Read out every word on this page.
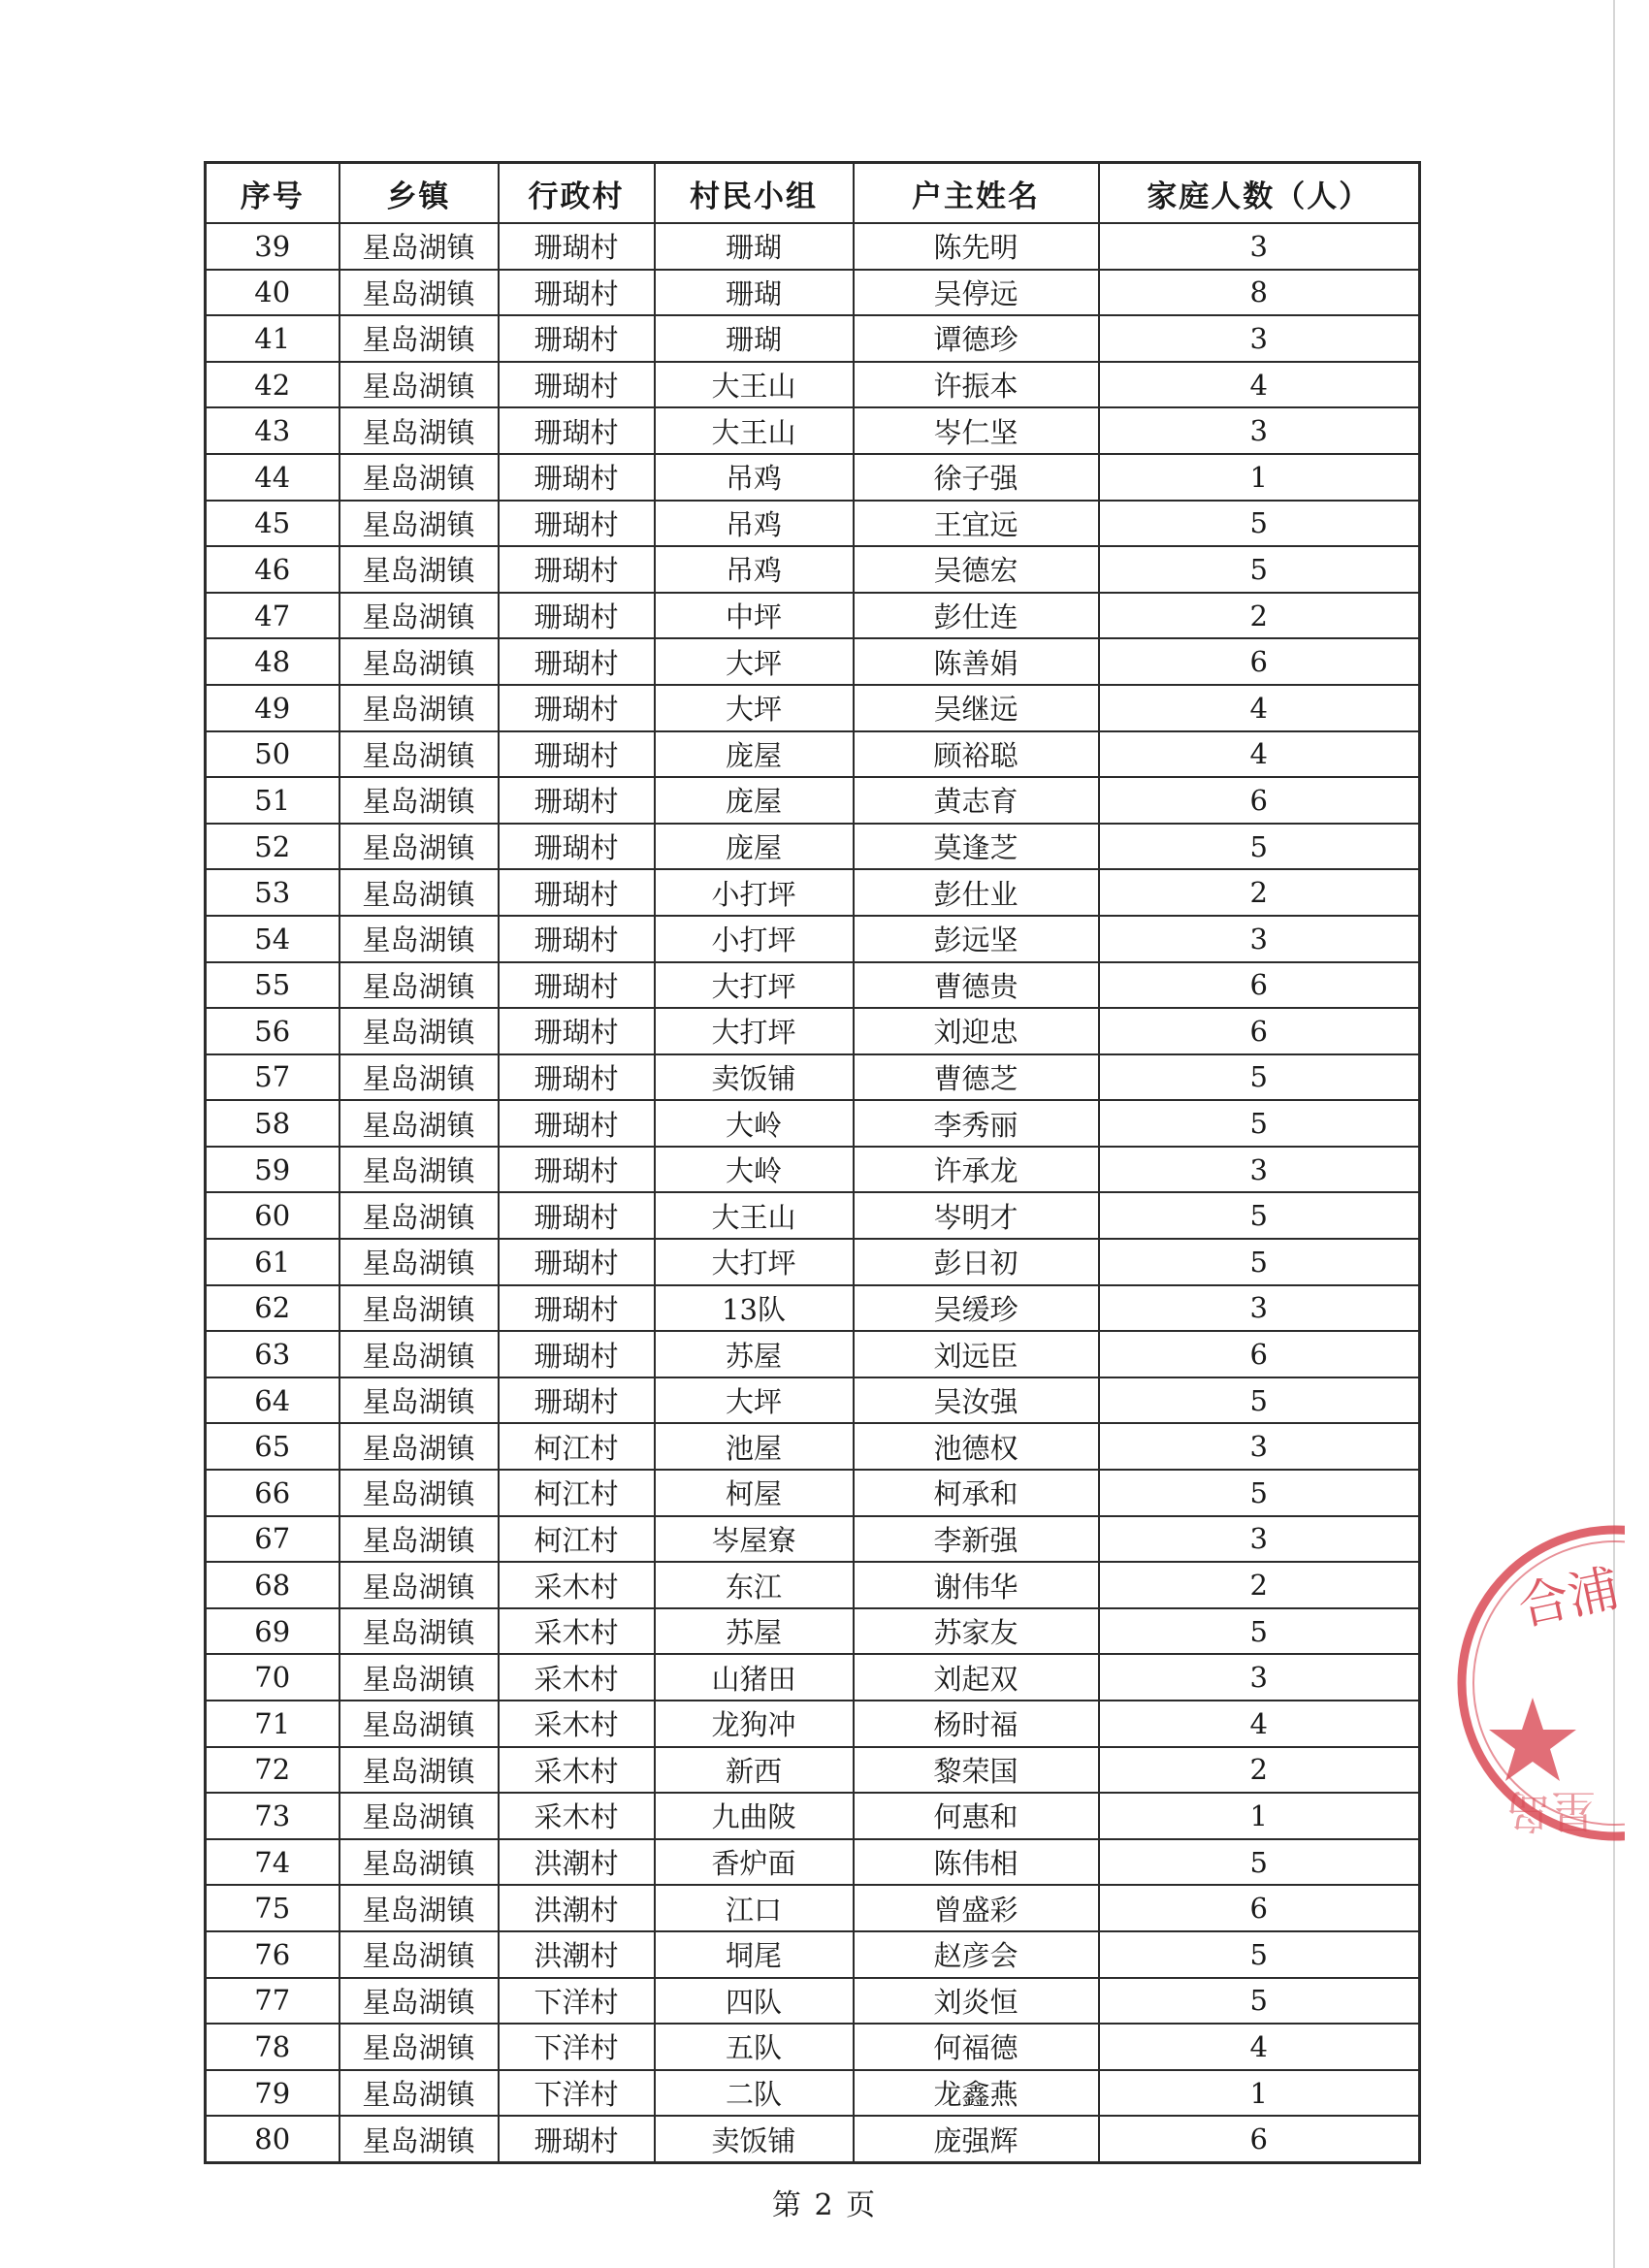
序号	乡镇	行政村	村民小组	户主姓名	家庭人数（人）
39	星岛湖镇	珊瑚村	珊瑚	陈先明	3
40	星岛湖镇	珊瑚村	珊瑚	吴停远	8
41	星岛湖镇	珊瑚村	珊瑚	谭德珍	3
42	星岛湖镇	珊瑚村	大王山	许振本	4
43	星岛湖镇	珊瑚村	大王山	岑仁坚	3
44	星岛湖镇	珊瑚村	吊鸡	徐子强	1
45	星岛湖镇	珊瑚村	吊鸡	王宜远	5
46	星岛湖镇	珊瑚村	吊鸡	吴德宏	5
47	星岛湖镇	珊瑚村	中坪	彭仕连	2
48	星岛湖镇	珊瑚村	大坪	陈善娟	6
49	星岛湖镇	珊瑚村	大坪	吴继远	4
50	星岛湖镇	珊瑚村	庞屋	顾裕聪	4
51	星岛湖镇	珊瑚村	庞屋	黄志育	6
52	星岛湖镇	珊瑚村	庞屋	莫逢芝	5
53	星岛湖镇	珊瑚村	小打坪	彭仕业	2
54	星岛湖镇	珊瑚村	小打坪	彭远坚	3
55	星岛湖镇	珊瑚村	大打坪	曹德贵	6
56	星岛湖镇	珊瑚村	大打坪	刘迎忠	6
57	星岛湖镇	珊瑚村	卖饭铺	曹德芝	5
58	星岛湖镇	珊瑚村	大岭	李秀丽	5
59	星岛湖镇	珊瑚村	大岭	许承龙	3
60	星岛湖镇	珊瑚村	大王山	岑明才	5
61	星岛湖镇	珊瑚村	大打坪	彭日初	5
62	星岛湖镇	珊瑚村	13队	吴缓珍	3
63	星岛湖镇	珊瑚村	苏屋	刘远臣	6
64	星岛湖镇	珊瑚村	大坪	吴汝强	5
65	星岛湖镇	柯江村	池屋	池德权	3
66	星岛湖镇	柯江村	柯屋	柯承和	5
67	星岛湖镇	柯江村	岑屋寮	李新强	3
68	星岛湖镇	采木村	东江	谢伟华	2
69	星岛湖镇	采木村	苏屋	苏家友	5
70	星岛湖镇	采木村	山猪田	刘起双	3
71	星岛湖镇	采木村	龙狗冲	杨时福	4
72	星岛湖镇	采木村	新西	黎荣国	2
73	星岛湖镇	采木村	九曲陂	何惠和	1
74	星岛湖镇	洪潮村	香炉面	陈伟相	5
75	星岛湖镇	洪潮村	江口	曾盛彩	6
76	星岛湖镇	洪潮村	垌尾	赵彦会	5
77	星岛湖镇	下洋村	四队	刘炎恒	5
78	星岛湖镇	下洋村	五队	何福德	4
79	星岛湖镇	下洋村	二队	龙鑫燕	1
80	星岛湖镇	珊瑚村	卖饭铺	庞强辉	6
第 2 页
合浦
星岛
